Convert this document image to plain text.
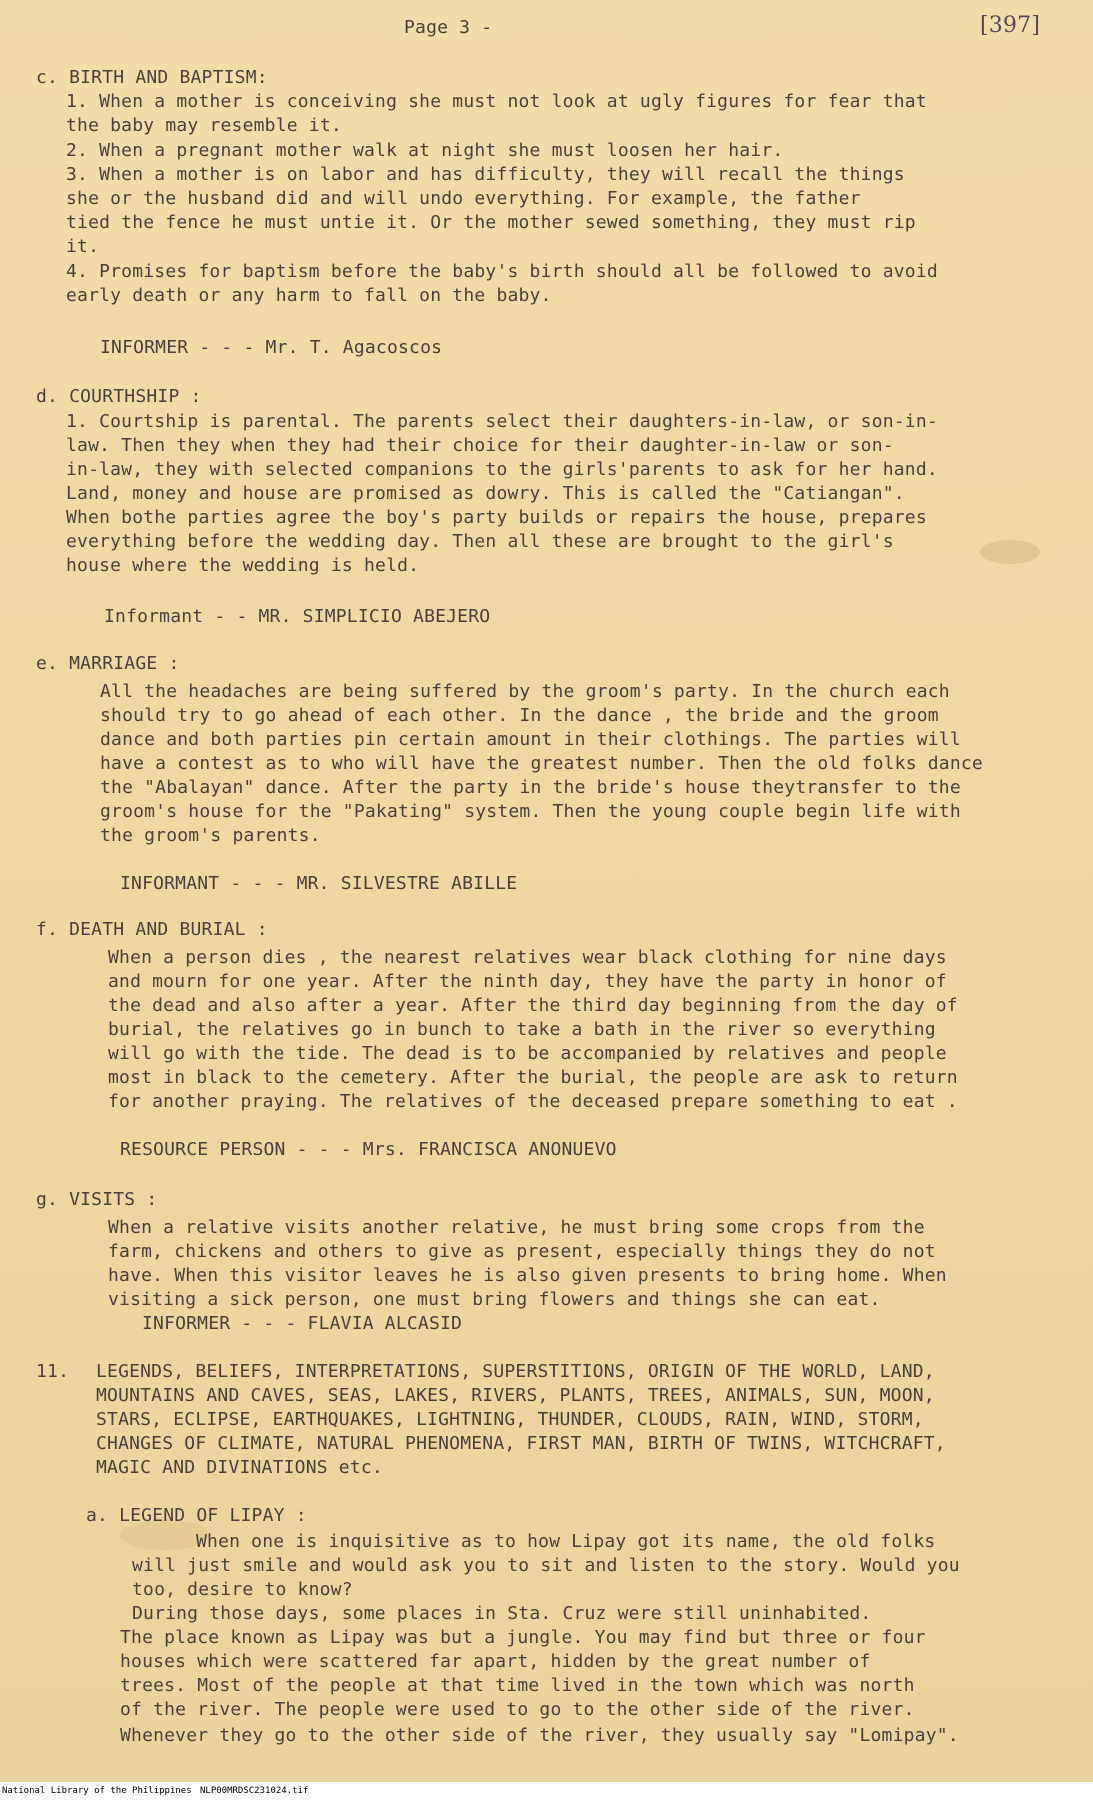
Page 3 -	[397]
c. BIRTH AND BAPTISM:
1. When a mother is conceiving she must not look at ugly figures for fear that
the baby may resemble it.
2. When a pregnant mother walk at night she must loosen her hair.
3. When a mother is on labor and has difficulty, they will recall the things
she or the husband did and will undo everything. For example, the father
tied the fence he must untie it. Or the mother sewed something, they must rip
it.
4. Promises for baptism before the baby's birth should all be followed to avoid
early death or any harm to fall on the baby.
INFORMER - - - Mr. T. Agacoscos
d. COURTHSHIP :
1. Courtship is parental. The parents select their daughters-in-law, or son-in-
law. Then they when they had their choice for their daughter-in-law or son-
in-law, they with selected companions to the girls'parents to ask for her hand.
Land, money and house are promised as dowry. This is called the "Catiangan".
When bothe parties agree the boy's party builds or repairs the house, prepares
everything before the wedding day. Then all these are brought to the girl's
house where the wedding is held.
Informant - - MR. SIMPLICIO ABEJERO
e. MARRIAGE :
All the headaches are being suffered by the groom's party. In the church each
should try to go ahead of each other. In the dance , the bride and the groom
dance and both parties pin certain amount in their clothings. The parties will
have a contest as to who will have the greatest number. Then the old folks dance
the "Abalayan" dance. After the party in the bride's house theytransfer to the
groom's house for the "Pakating" system. Then the young couple begin life with
the groom's parents.
INFORMANT - - - MR. SILVESTRE ABILLE
f. DEATH AND BURIAL :
When a person dies , the nearest relatives wear black clothing for nine days
and mourn for one year. After the ninth day, they have the party in honor of
the dead and also after a year. After the third day beginning from the day of
burial, the relatives go in bunch to take a bath in the river so everything
will go with the tide. The dead is to be accompanied by relatives and people
most in black to the cemetery. After the burial, the people are ask to return
for another praying. The relatives of the deceased prepare something to eat .
RESOURCE PERSON - - - Mrs. FRANCISCA ANONUEVO
g. VISITS :
When a relative visits another relative, he must bring some crops from the
farm, chickens and others to give as present, especially things they do not
have. When this visitor leaves he is also given presents to bring home. When
visiting a sick person, one must bring flowers and things she can eat.
INFORMER - - - FLAVIA ALCASID
11. LEGENDS, BELIEFS, INTERPRETATIONS, SUPERSTITIONS, ORIGIN OF THE WORLD, LAND,
MOUNTAINS AND CAVES, SEAS, LAKES, RIVERS, PLANTS, TREES, ANIMALS, SUN, MOON,
STARS, ECLIPSE, EARTHQUAKES, LIGHTNING, THUNDER, CLOUDS, RAIN, WIND, STORM,
CHANGES OF CLIMATE, NATURAL PHENOMENA, FIRST MAN, BIRTH OF TWINS, WITCHCRAFT,
MAGIC AND DIVINATIONS etc.
a. LEGEND OF LIPAY :
When one is inquisitive as to how Lipay got its name, the old folks
will just smile and would ask you to sit and listen to the story. Would you
too, desire to know?
During those days, some places in Sta. Cruz were still uninhabited.
The place known as Lipay was but a jungle. You may find but three or four
houses which were scattered far apart, hidden by the great number of
trees. Most of the people at that time lived in the town which was north
of the river. The people were used to go to the other side of the river.
Whenever they go to the other side of the river, they usually say "Lomipay".
National Library of the Philippines NLP00MRDSC231024.tif
